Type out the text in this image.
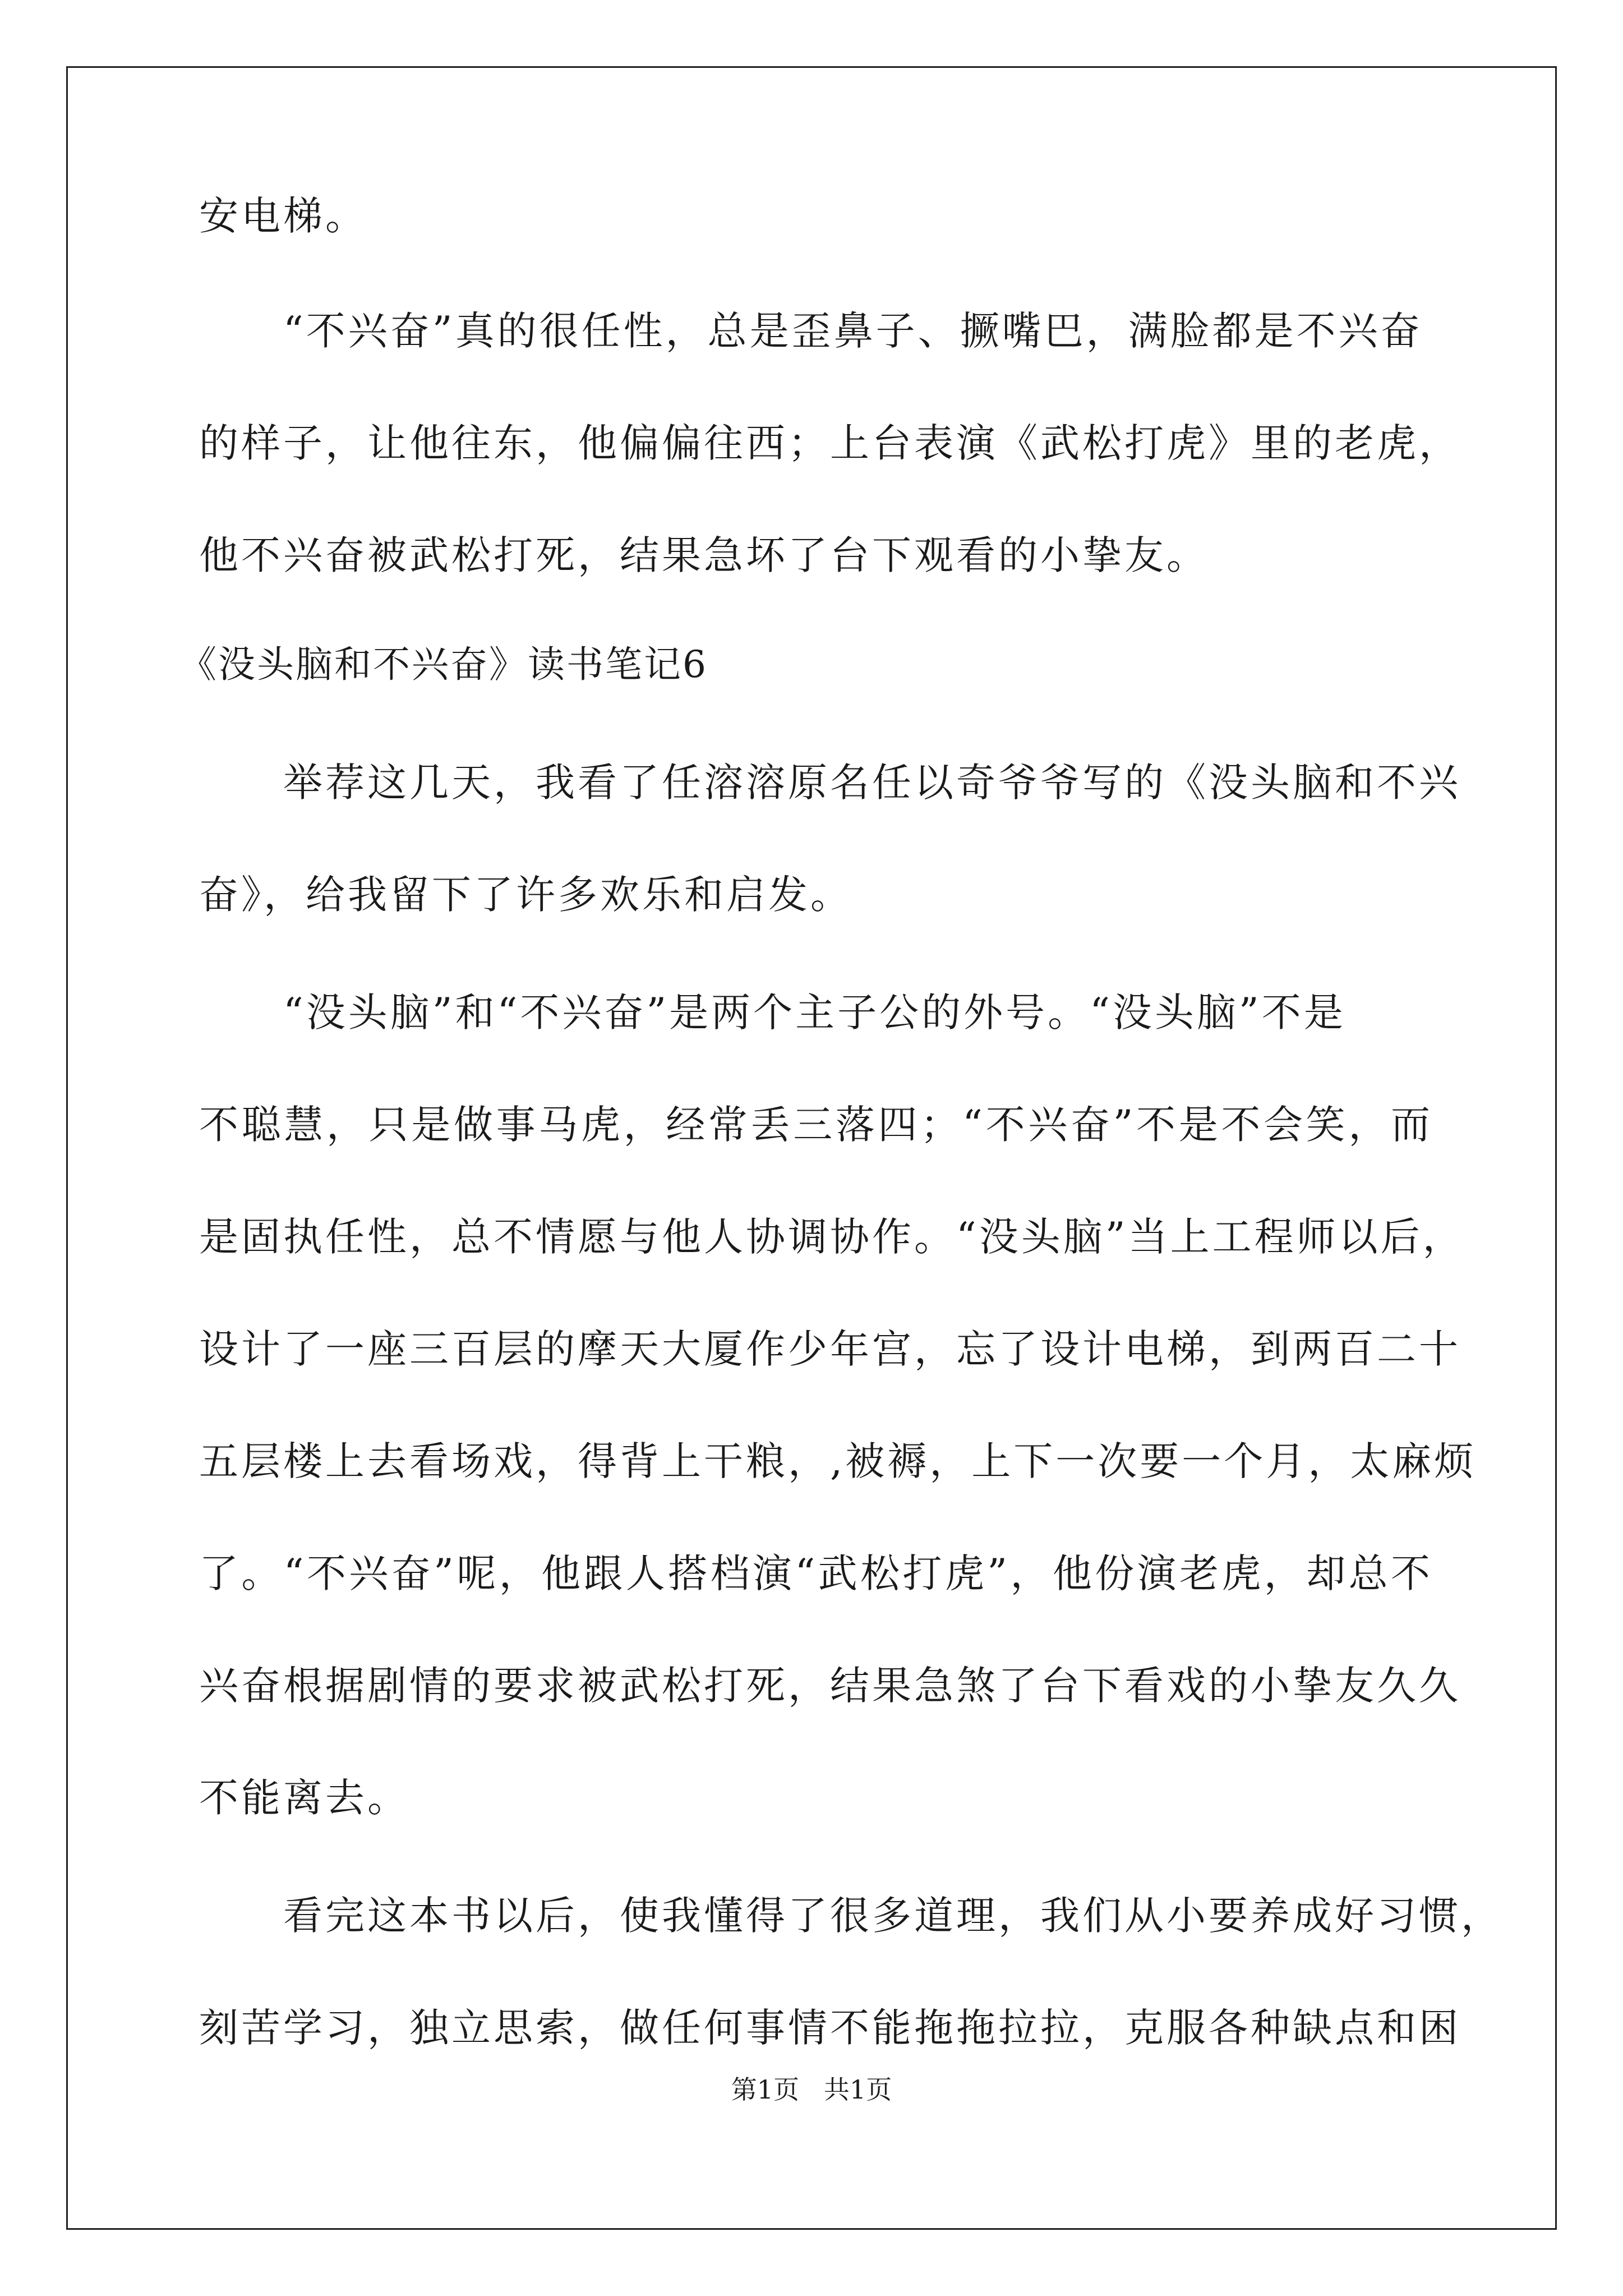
安电梯。
“不兴奋”真的很任性，总是歪鼻子、撅嘴巴，满脸都是不兴奋
的样子，让他往东，他偏偏往西；上台表演《武松打虎》里的老虎，
他不兴奋被武松打死，结果急坏了台下观看的小挚友。
《没头脑和不兴奋》读书笔记6
举荐这几天，我看了任溶溶原名任以奇爷爷写的《没头脑和不兴
奋》，给我留下了许多欢乐和启发。
“没头脑”和“不兴奋”是两个主子公的外号。“没头脑”不是
不聪慧，只是做事马虎，经常丢三落四；“不兴奋”不是不会笑，而
是固执任性，总不情愿与他人协调协作。“没头脑”当上工程师以后，
设计了一座三百层的摩天大厦作少年宫，忘了设计电梯，到两百二十
五层楼上去看场戏，得背上干粮，,被褥，上下一次要一个月，太麻烦
了。“不兴奋”呢，他跟人搭档演“武松打虎”，他份演老虎，却总不
兴奋根据剧情的要求被武松打死，结果急煞了台下看戏的小挚友久久
不能离去。
看完这本书以后，使我懂得了很多道理，我们从小要养成好习惯，
刻苦学习，独立思索，做任何事情不能拖拖拉拉，克服各种缺点和困
第1页   共1页
